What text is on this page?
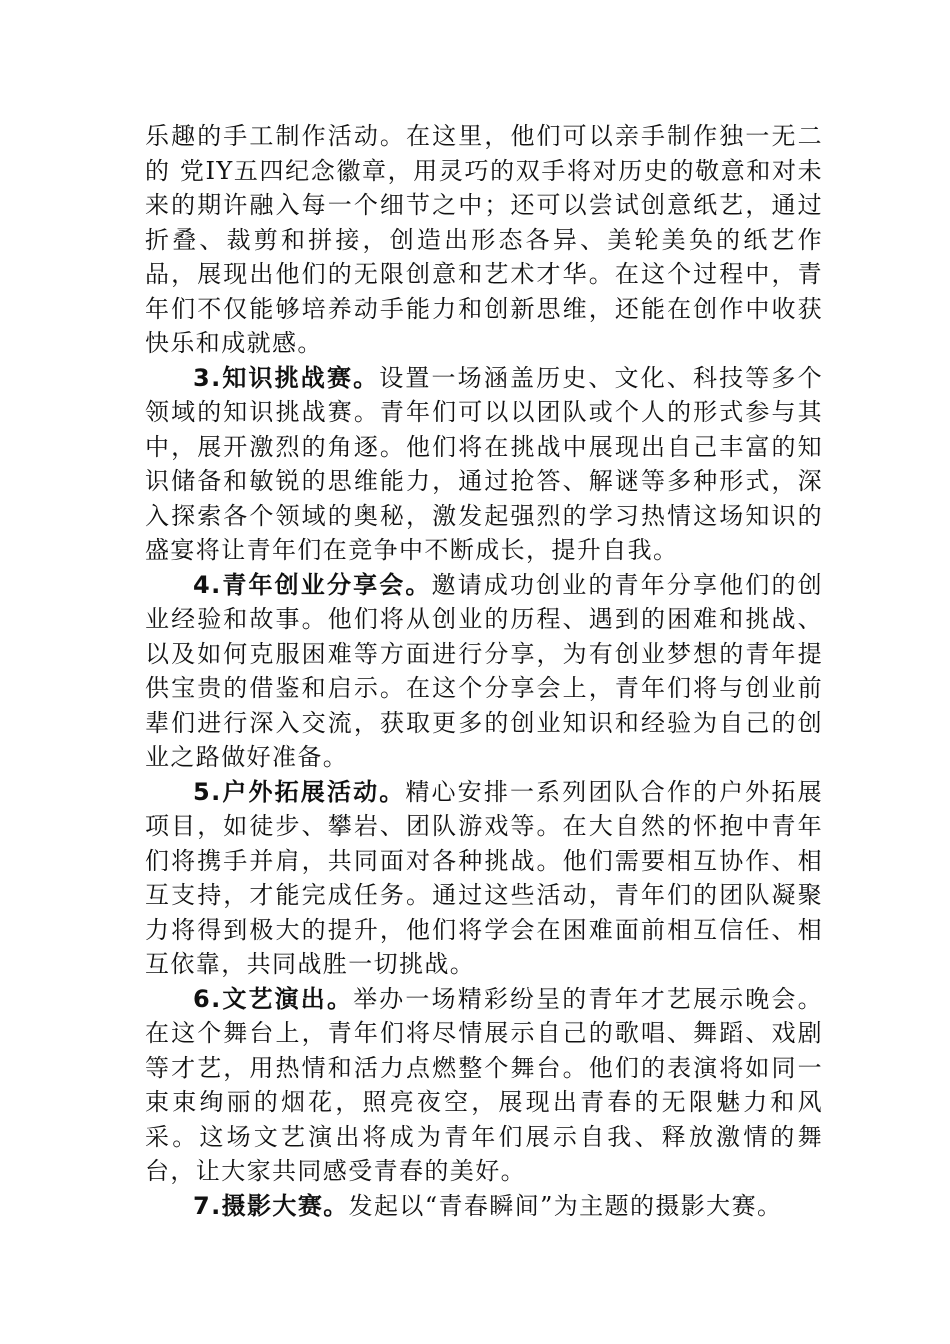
乐趣的手工制作活动。在这里，他们可以亲手制作独一无二的 党IY五四纪念徽章，用灵巧的双手将对历史的敬意和对未来的期许融入每一个细节之中；还可以尝试创意纸艺，通过折叠、裁剪和拼接，创造出形态各异、美轮美奂的纸艺作品，展现出他们的无限创意和艺术才华。在这个过程中，青年们不仅能够培养动手能力和创新思维，还能在创作中收获快乐和成就感。

3.知识挑战赛。设置一场涵盖历史、文化、科技等多个领域的知识挑战赛。青年们可以以团队或个人的形式参与其中，展开激烈的角逐。他们将在挑战中展现出自己丰富的知识储备和敏锐的思维能力，通过抢答、解谜等多种形式，深入探索各个领域的奥秘，激发起强烈的学习热情这场知识的盛宴将让青年们在竞争中不断成长，提升自我。

4.青年创业分享会。邀请成功创业的青年分享他们的创业经验和故事。他们将从创业的历程、遇到的困难和挑战、以及如何克服困难等方面进行分享，为有创业梦想的青年提供宝贵的借鉴和启示。在这个分享会上，青年们将与创业前辈们进行深入交流，获取更多的创业知识和经验为自己的创业之路做好准备。

5.户外拓展活动。精心安排一系列团队合作的户外拓展项目，如徒步、攀岩、团队游戏等。在大自然的怀抱中青年们将携手并肩，共同面对各种挑战。他们需要相互协作、相互支持，才能完成任务。通过这些活动，青年们的团队凝聚力将得到极大的提升，他们将学会在困难面前相互信任、相互依靠，共同战胜一切挑战。

6.文艺演出。举办一场精彩纷呈的青年才艺展示晚会。在这个舞台上，青年们将尽情展示自己的歌唱、舞蹈、戏剧等才艺，用热情和活力点燃整个舞台。他们的表演将如同一束束绚丽的烟花，照亮夜空，展现出青春的无限魅力和风采。这场文艺演出将成为青年们展示自我、释放激情的舞台，让大家共同感受青春的美好。

7.摄影大赛。发起以“青春瞬间”为主题的摄影大赛。
